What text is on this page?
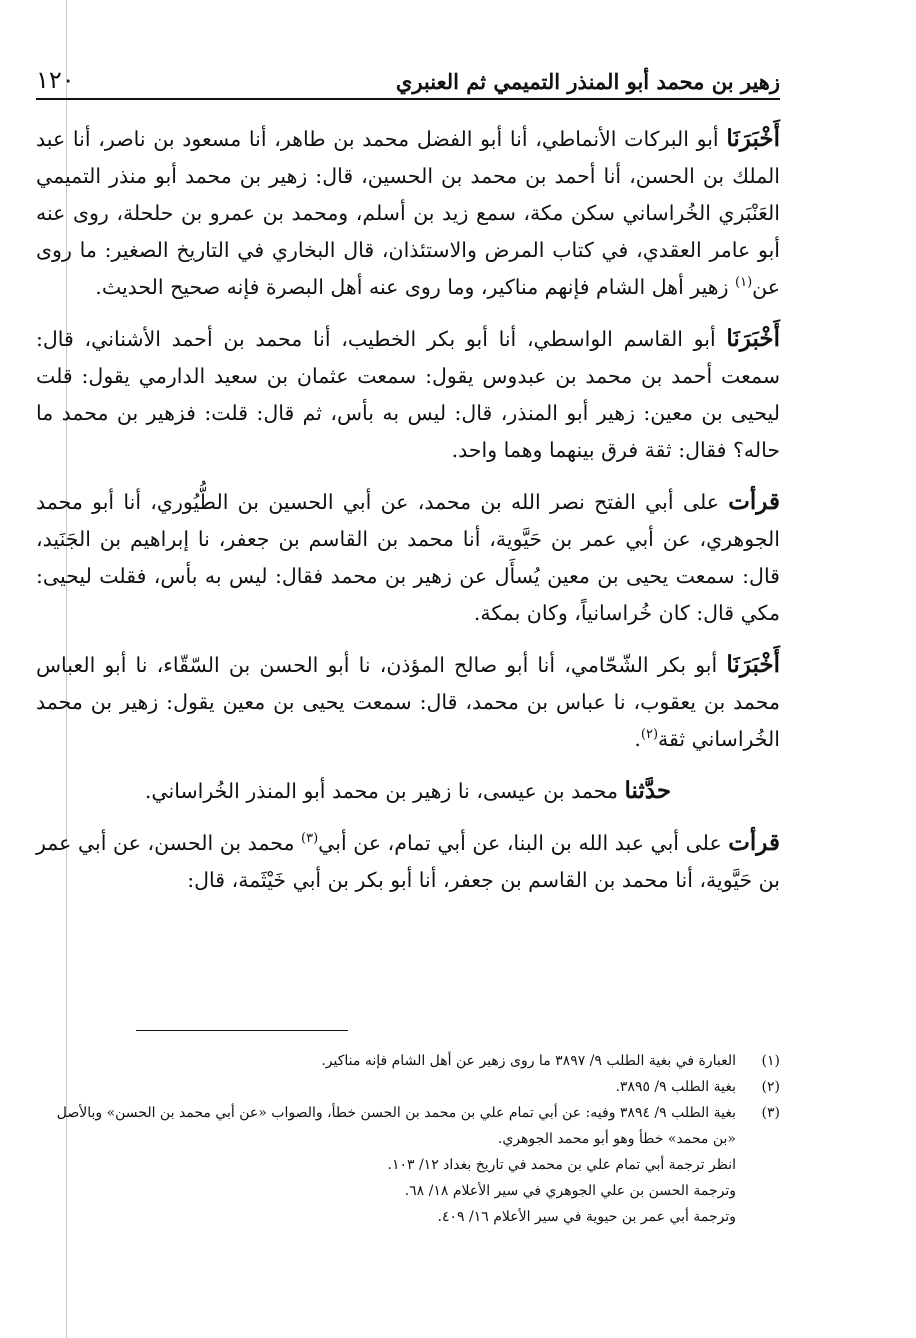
١٢٠	زهير بن محمد أبو المنذر التميمي ثم العنبري

أَخْبَرَنَا أبو البركات الأنماطي، أنا أبو الفضل محمد بن طاهر، أنا مسعود بن ناصر، أنا عبد الملك بن الحسن، أنا أحمد بن محمد بن الحسين، قال: زهير بن محمد أبو منذر التميمي العَنْبَري الخُراساني سكن مكة، سمع زيد بن أسلم، ومحمد بن عمرو بن حلحلة، روى عنه أبو عامر العقدي، في كتاب المرض والاستئذان، قال البخاري في التاريخ الصغير: ما روى عن$^{(١)}$ زهير أهل الشام فإنهم مناكير، وما روى عنه أهل البصرة فإنه صحيح الحديث.

أَخْبَرَنَا أبو القاسم الواسطي، أنا أبو بكر الخطيب، أنا محمد بن أحمد الأشناني، قال: سمعت أحمد بن محمد بن عبدوس يقول: سمعت عثمان بن سعيد الدارمي يقول: قلت ليحيى بن معين: زهير أبو المنذر، قال: ليس به بأس، ثم قال: قلت: فزهير بن محمد ما حاله؟ فقال: ثقة فرق بينهما وهما واحد.

قرأت على أبي الفتح نصر الله بن محمد، عن أبي الحسين بن الطُّيُوري، أنا أبو محمد الجوهري، عن أبي عمر بن حَيَّوية، أنا محمد بن القاسم بن جعفر، نا إبراهيم بن الجَنَيد، قال: سمعت يحيى بن معين يُسأَل عن زهير بن محمد فقال: ليس به بأس، فقلت ليحيى: مكي قال: كان خُراسانياً، وكان بمكة.

أَخْبَرَنَا أبو بكر الشّحّامي، أنا أبو صالح المؤذن، نا أبو الحسن بن السّقّاء، نا أبو العباس محمد بن يعقوب، نا عباس بن محمد، قال: سمعت يحيى بن معين يقول: زهير بن محمد الخُراساني ثقة$^{(٢)}$.

حدَّثنا محمد بن عيسى، نا زهير بن محمد أبو المنذر الخُراساني.

قرأت على أبي عبد الله بن البنا، عن أبي تمام، عن أبي$^{(٣)}$ محمد بن الحسن، عن أبي عمر بن حَيَّوية، أنا محمد بن القاسم بن جعفر، أنا أبو بكر بن أبي خَيْثَمة، قال:

(١)
العبارة في بغية الطلب ٩/ ٣٨٩٧ ما روى زهير عن أهل الشام فإنه مناكير.
(٢)
بغية الطلب ٩/ ٣٨٩٥.
(٣)
بغية الطلب ٩/ ٣٨٩٤ وفيه: عن أبي تمام علي بن محمد بن الحسن خطأ، والصواب «عن أبي محمد بن الحسن» وبالأصل «بن محمد» خطأ وهو أبو محمد الجوهري.
انظر ترجمة أبي تمام علي بن محمد في تاريخ بغداد ١٢/ ١٠٣.
وترجمة الحسن بن علي الجوهري في سير الأعلام ١٨/ ٦٨.
وترجمة أبي عمر بن حيوية في سير الأعلام ١٦/ ٤٠٩.
